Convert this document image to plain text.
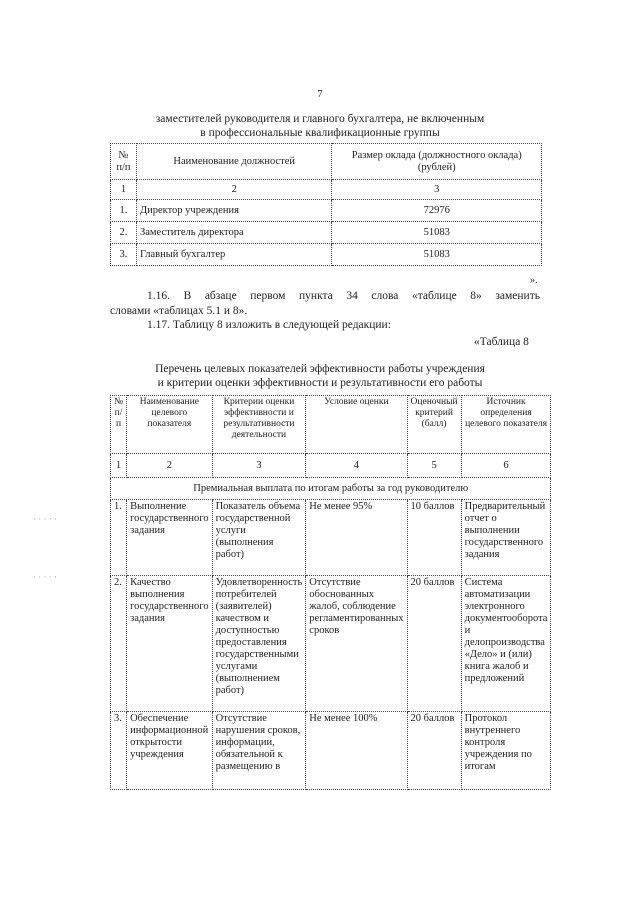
7
заместителей руководителя и главного бухгалтера, не включенным
в профессиональные квалификационные группы
№ п/п	Наименование должностей	Размер оклада (должностного оклада) (рублей)
1	2	3
1.	Директор учреждения	72976
2.	Заместитель директора	51083
3.	Главный бухгалтер	51083
».
1.16. В абзаце первом пункта 34 слова «таблице 8» заменить
словами «таблицах 5.1 и 8».
1.17. Таблицу 8 изложить в следующей редакции:
«Таблица 8
Перечень целевых показателей эффективности работы учреждения
и критерии оценки эффективности и результативности его работы
№ п/п	Наименование целевого показателя	Критерии оценки эффективности и результативности деятельности	Условие оценки	Оценочный критерий (балл)	Источник определения целевого показателя
1	2	3	4	5	6
Премиальная выплата по итогам работы за год руководителю					
1.	Выполнение государственного задания	Показатель объема государственной услуги (выполнения работ)	Не менее 95%	10 баллов	Предварительный отчет о выполнении государственного задания
2.	Качество выполнения государственного задания	Удовлетворенность потребителей (заявителей) качеством и доступностью предоставления государственными услугами (выполнением работ)	Отсутствие обоснованных жалоб, соблюдение регламентированных сроков	20 баллов	Система автоматизации электронного документооборота и делопроизводства «Дело» и (или) книга жалоб и предложений
3.	Обеспечение информационной открытости учреждения	Отсутствие нарушения сроков, информации, обязательной к размещению в	Не менее 100%	20 баллов	Протокол внутреннего контроля учреждения по итогам
· · · · ·
· · · · ·
